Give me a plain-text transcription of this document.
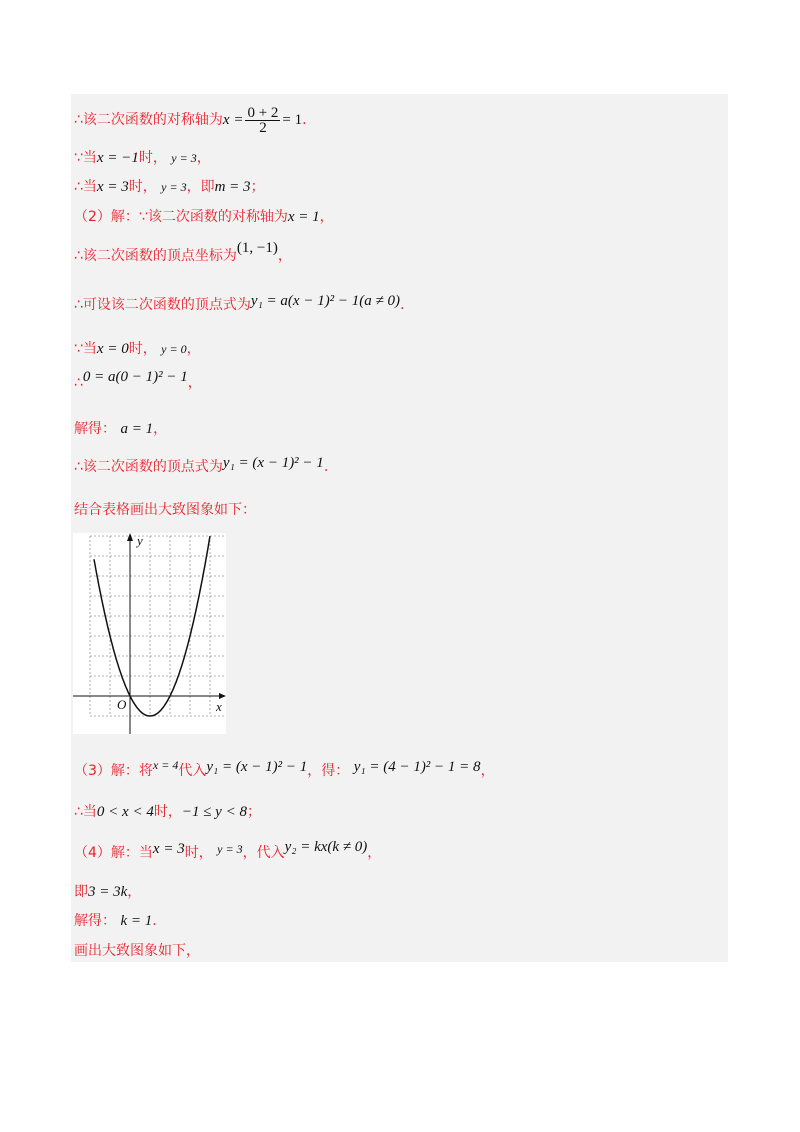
∴该二次函数的对称轴为$x = \frac{0 + 2}{2} = 1$.
∵当x = −1时， y = 3，
∴当x = 3时， y = 3，即m = 3；
（2）解：∵该二次函数的对称轴为x = 1，
∴该二次函数的顶点坐标为(1, −1)，
∴可设该二次函数的顶点式为y₁ = a(x − 1)² − 1(a ≠ 0).
∵当x = 0时， y = 0，
∴0 = a(0 − 1)² − 1，
解得： a = 1，
∴该二次函数的顶点式为y₁ = (x − 1)² − 1.
结合表格画出大致图象如下：
y
x
O
（3）解：将x = 4代入y₁ = (x − 1)² − 1，得： y₁ = (4 − 1)² − 1 = 8，
∴当0 < x < 4时，−1 ≤ y < 8；
（4）解：当x = 3时， y = 3，代入y₂ = kx(k ≠ 0)，
即3 = 3k，
解得： k = 1.
画出大致图象如下，
